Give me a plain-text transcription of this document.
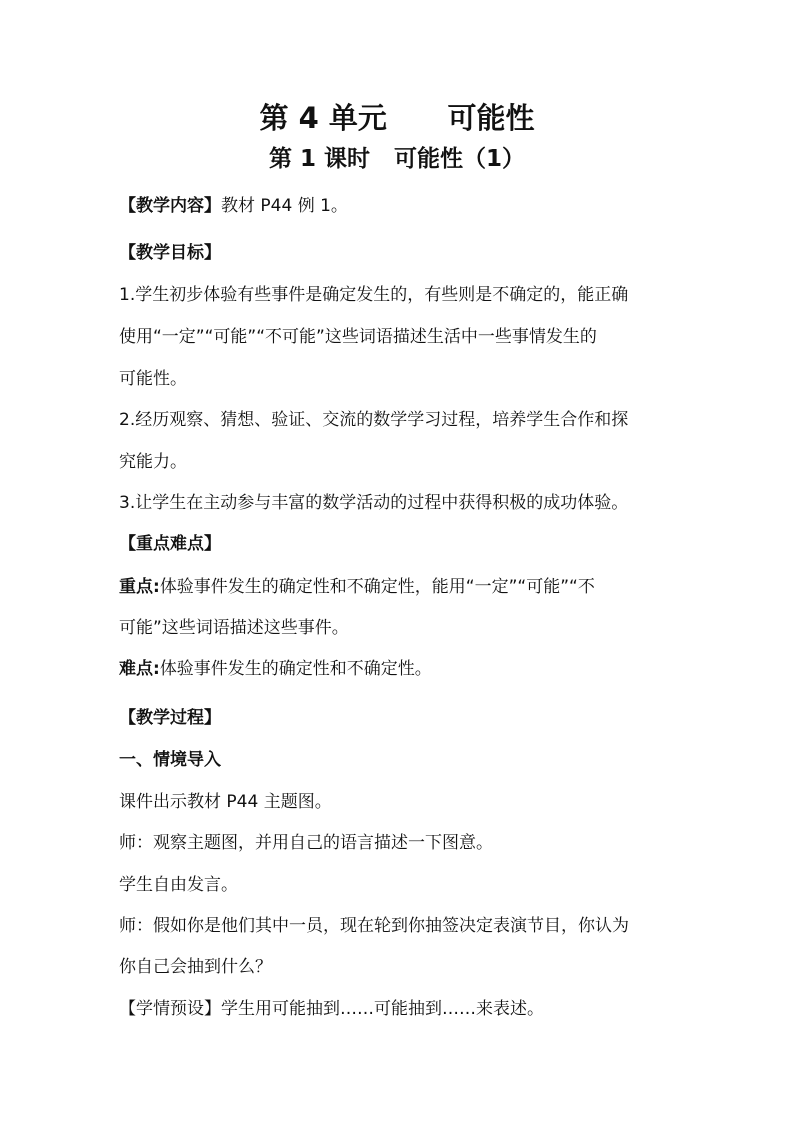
第 4 单元      可能性
第 1 课时   可能性（1）
【教学内容】教材 P44 例 1。
【教学目标】
1.学生初步体验有些事件是确定发生的，有些则是不确定的，能正确
使用“一定”“可能”“不可能”这些词语描述生活中一些事情发生的
可能性。
2.经历观察、猜想、验证、交流的数学学习过程，培养学生合作和探
究能力。
3.让学生在主动参与丰富的数学活动的过程中获得积极的成功体验。
【重点难点】
重点:体验事件发生的确定性和不确定性，能用“一定”“可能”“不
可能”这些词语描述这些事件。
难点:体验事件发生的确定性和不确定性。
【教学过程】
一、情境导入
课件出示教材 P44 主题图。
师：观察主题图，并用自己的语言描述一下图意。
学生自由发言。
师：假如你是他们其中一员，现在轮到你抽签决定表演节目，你认为
你自己会抽到什么？
【学情预设】学生用可能抽到……可能抽到……来表述。
